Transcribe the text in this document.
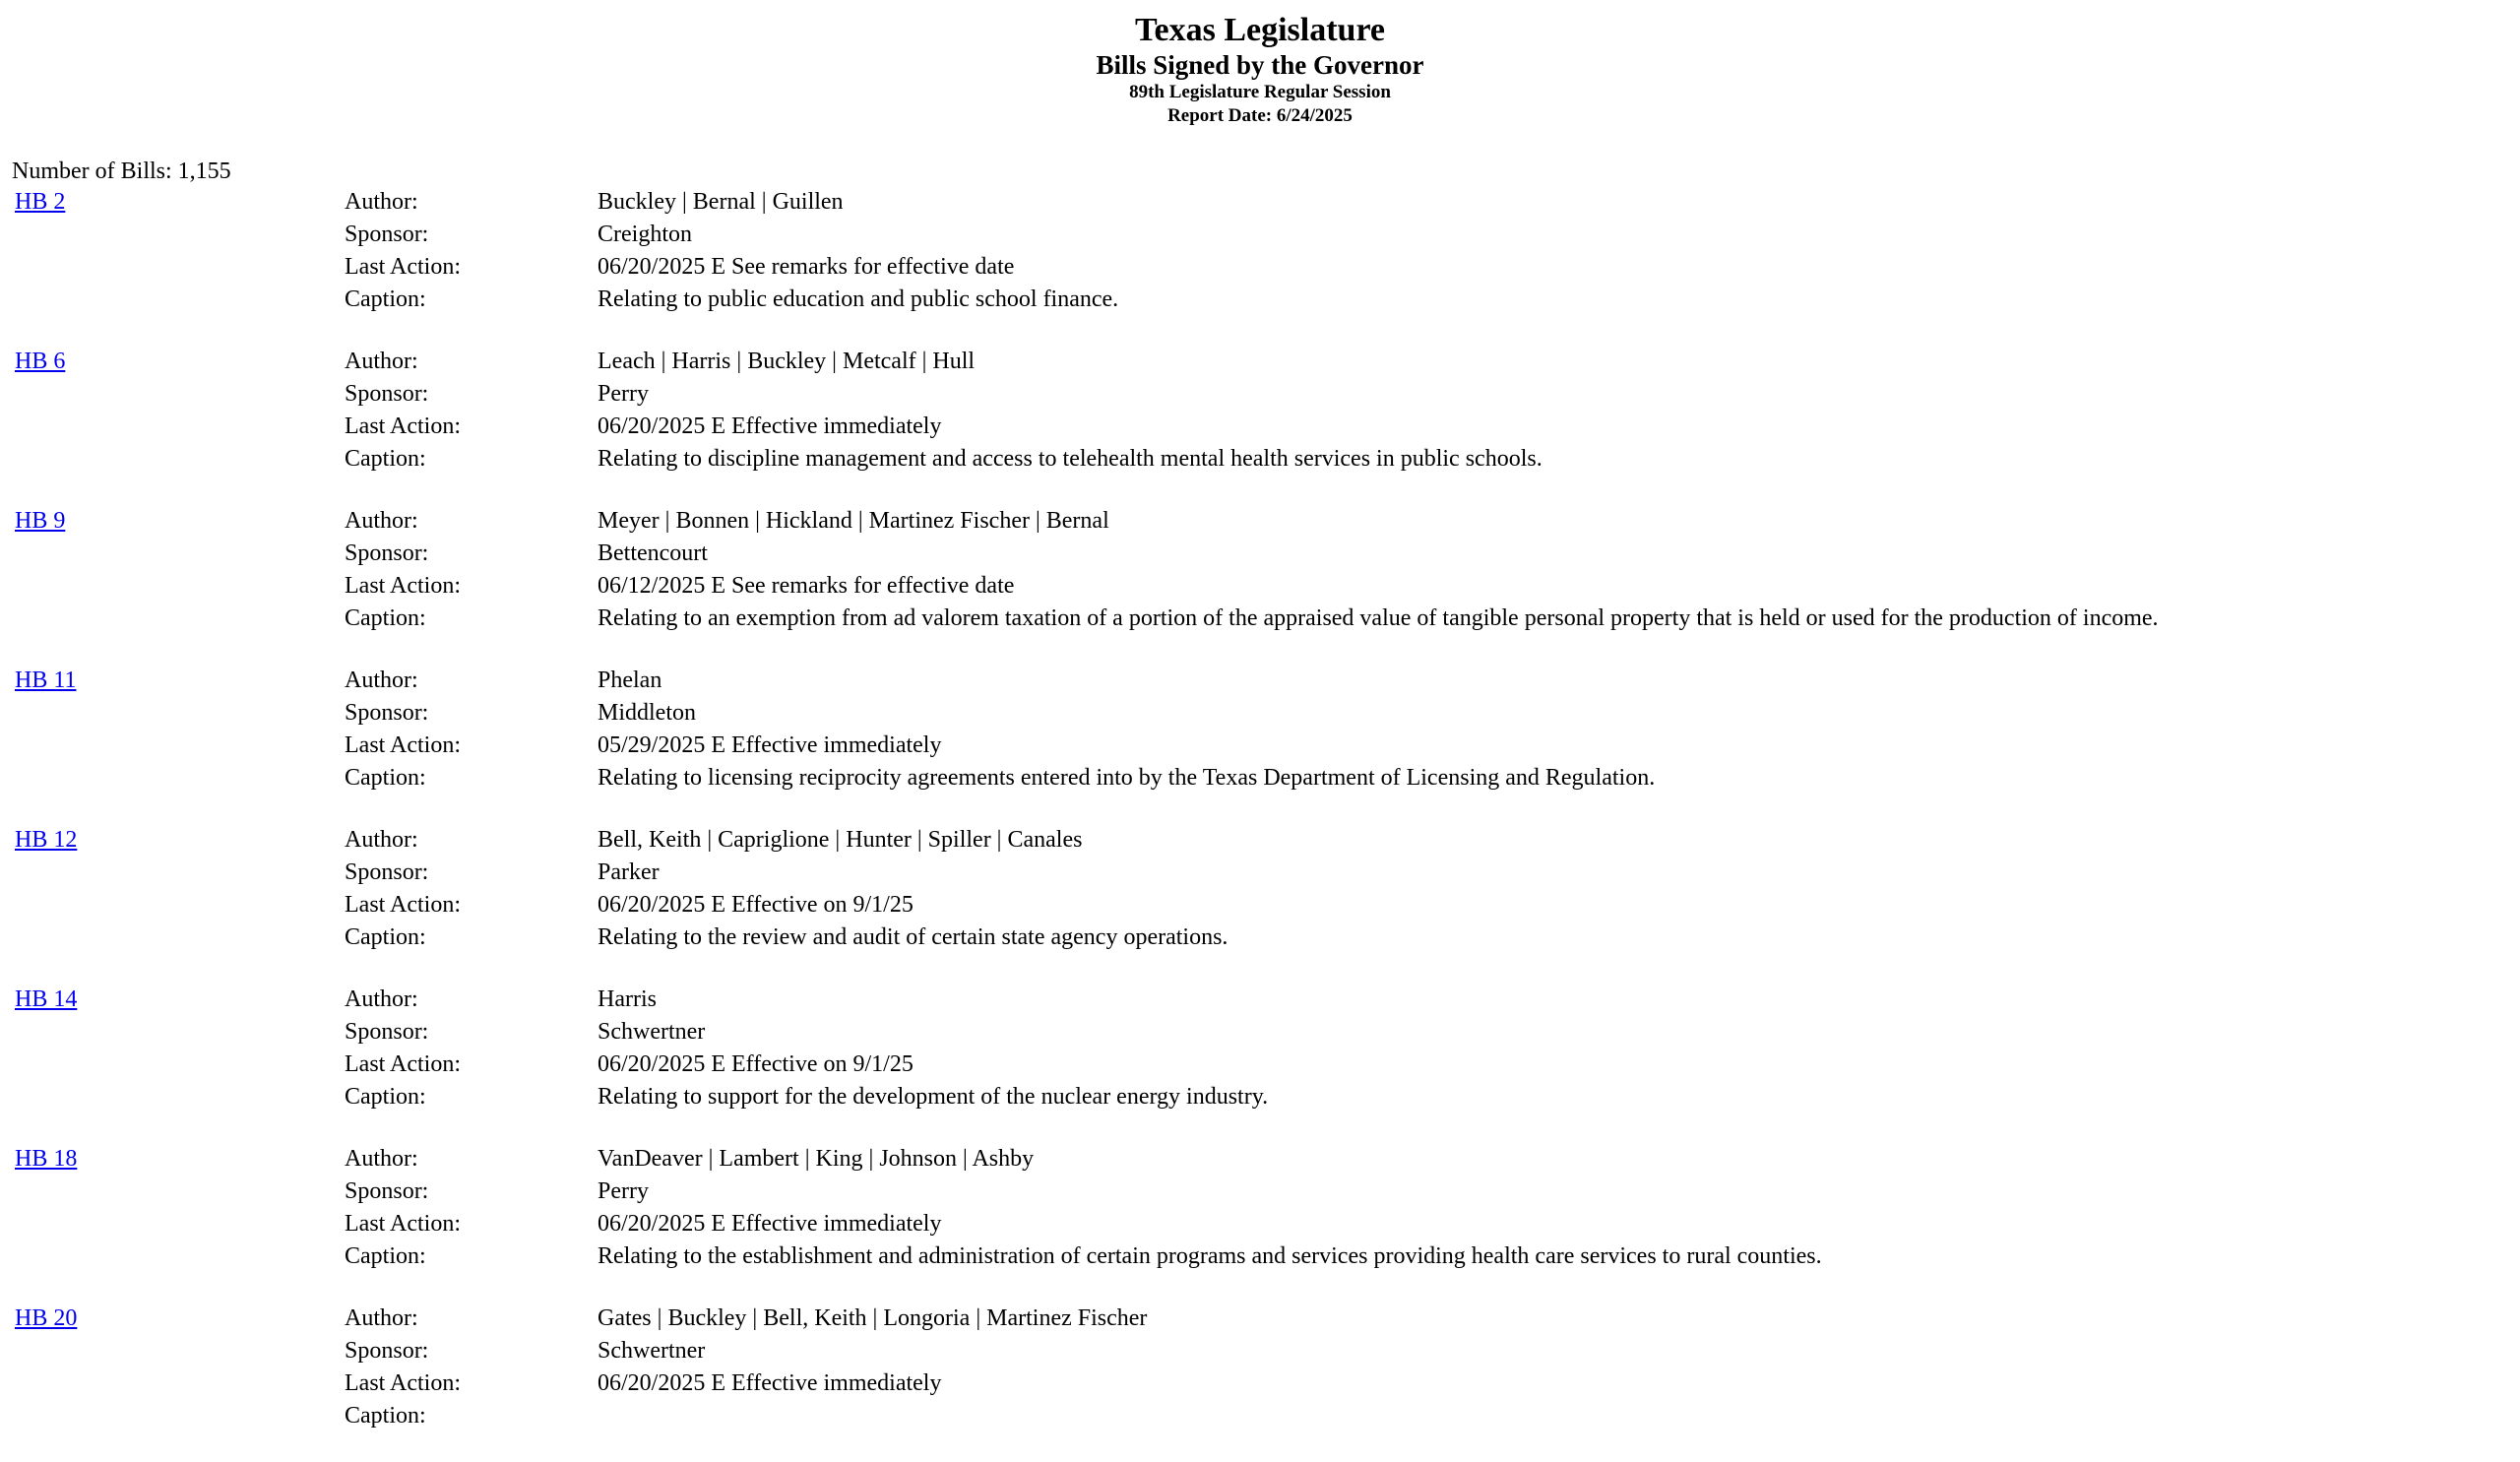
Texas Legislature
Bills Signed by the Governor
89th Legislature Regular Session
Report Date: 6/24/2025
Number of Bills: 1,155
HB 2	Author:	Buckley | Bernal | Guillen
Sponsor:	Creighton
Last Action:	06/20/2025 E See remarks for effective date
Caption:	Relating to public education and public school finance.
HB 6	Author:	Leach | Harris | Buckley | Metcalf | Hull
Sponsor:	Perry
Last Action:	06/20/2025 E Effective immediately
Caption:	Relating to discipline management and access to telehealth mental health services in public schools.
HB 9	Author:	Meyer | Bonnen | Hickland | Martinez Fischer | Bernal
Sponsor:	Bettencourt
Last Action:	06/12/2025 E See remarks for effective date
Caption:	Relating to an exemption from ad valorem taxation of a portion of the appraised value of tangible personal property that is held or used for the production of income.
HB 11	Author:	Phelan
Sponsor:	Middleton
Last Action:	05/29/2025 E Effective immediately
Caption:	Relating to licensing reciprocity agreements entered into by the Texas Department of Licensing and Regulation.
HB 12	Author:	Bell, Keith | Capriglione | Hunter | Spiller | Canales
Sponsor:	Parker
Last Action:	06/20/2025 E Effective on 9/1/25
Caption:	Relating to the review and audit of certain state agency operations.
HB 14	Author:	Harris
Sponsor:	Schwertner
Last Action:	06/20/2025 E Effective on 9/1/25
Caption:	Relating to support for the development of the nuclear energy industry.
HB 18	Author:	VanDeaver | Lambert | King | Johnson | Ashby
Sponsor:	Perry
Last Action:	06/20/2025 E Effective immediately
Caption:	Relating to the establishment and administration of certain programs and services providing health care services to rural counties.
HB 20	Author:	Gates | Buckley | Bell, Keith | Longoria | Martinez Fischer
Sponsor:	Schwertner
Last Action:	06/20/2025 E Effective immediately
Caption:
